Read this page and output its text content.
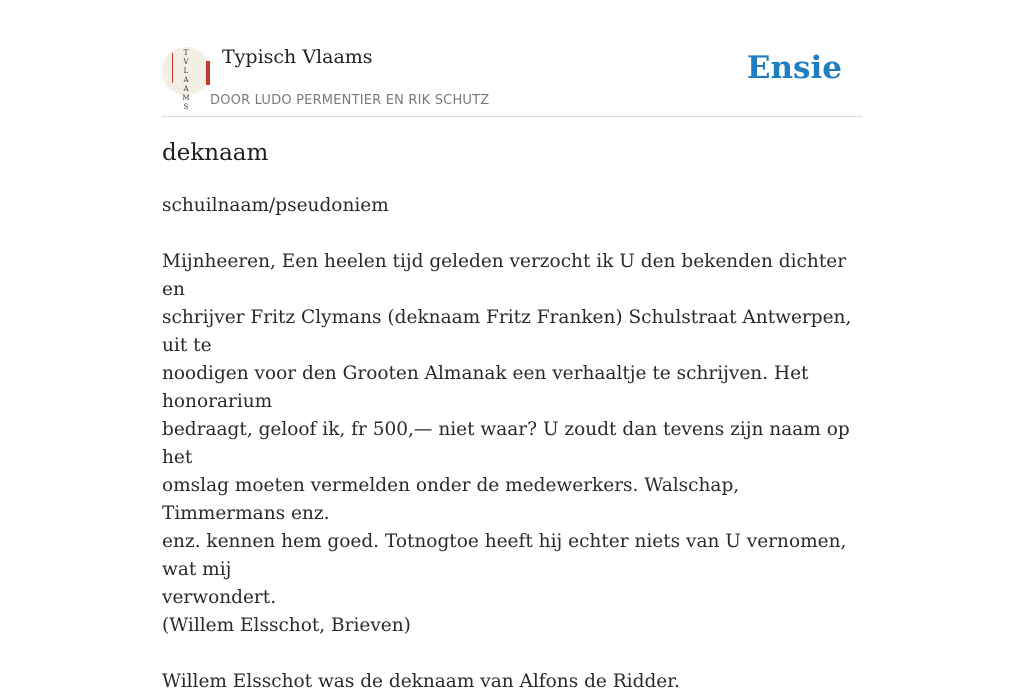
T
V
L
A
A
M
S
Typisch Vlaams
DOOR LUDO PERMENTIER EN RIK SCHUTZ
Ensie
deknaam

schuilnaam/pseudoniem

Mijnheeren, Een heelen tijd geleden verzocht ik U den bekenden dichter en
schrijver Fritz Clymans (deknaam Fritz Franken) Schulstraat Antwerpen, uit te
noodigen voor den Grooten Almanak een verhaaltje te schrijven. Het honorarium
bedraagt, geloof ik, fr 500,— niet waar? U zoudt dan tevens zijn naam op het
omslag moeten vermelden onder de medewerkers. Walschap, Timmermans enz.
enz. kennen hem goed. Totnogtoe heeft hij echter niets van U vernomen, wat mij
verwondert.

(Willem Elsschot, Brieven)

Willem Elsschot was de deknaam van Alfons de Ridder.
